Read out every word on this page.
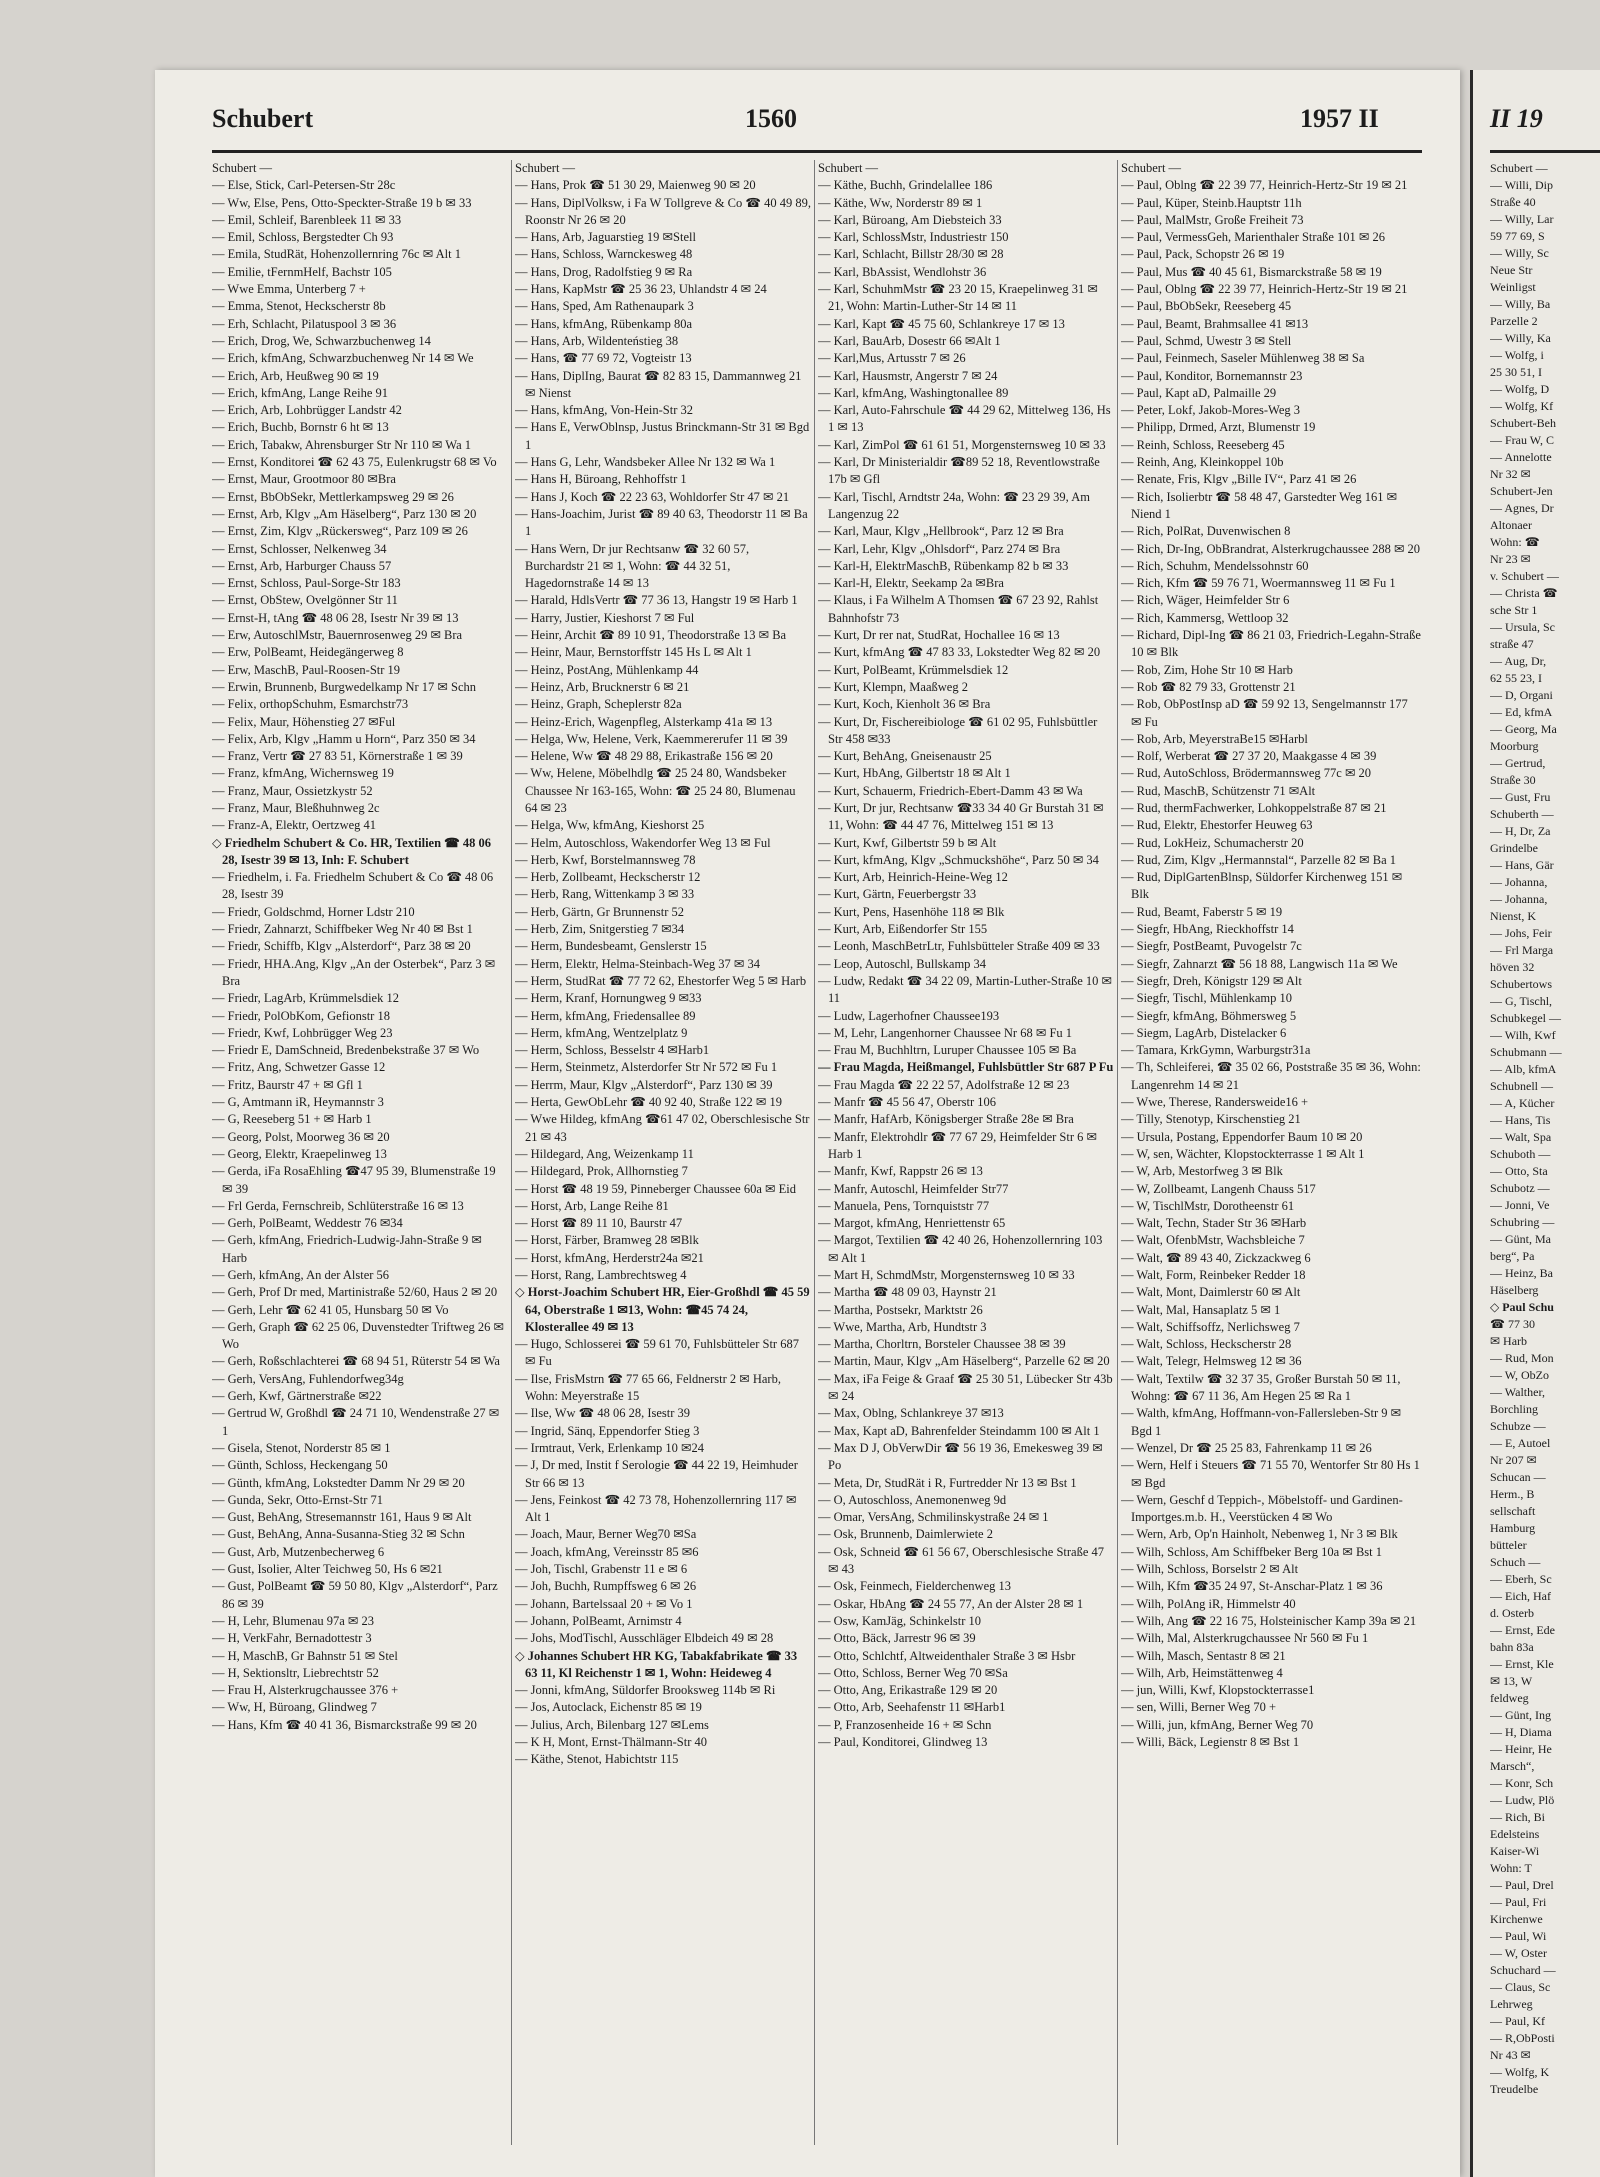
Schubert	1560	1957 II	II 19
Schubert —
— Else, Stick, Carl-Petersen-Str 28c
— Ww, Else, Pens, Otto-Speckter-Straße 19 b ✉ 33
— Emil, Schleif, Barenbleek 11 ✉ 33
— Emil, Schloss, Bergstedter Ch 93
— Emila, StudRät, Hohenzollernring 76c ✉ Alt 1
— Emilie, tFernmHelf, Bachstr 105
— Wwe Emma, Unterberg 7 +
— Emma, Stenot, Heckscherstr 8b
— Erh, Schlacht, Pilatuspool 3 ✉ 36
— Erich, Drog, We, Schwarzbuchenweg 14
— Erich, kfmAng, Schwarzbuchenweg Nr 14 ✉ We
— Erich, Arb, Heußweg 90 ✉ 19
— Erich, kfmAng, Lange Reihe 91
— Erich, Arb, Lohbrügger Landstr 42
— Erich, Buchb, Bornstr 6 ht ✉ 13
— Erich, Tabakw, Ahrensburger Str Nr 110 ✉ Wa 1
— Ernst, Konditorei ☎ 62 43 75, Eulenkrugstr 68 ✉ Vo
— Ernst, Maur, Grootmoor 80 ✉Bra
— Ernst, BbObSekr, Mettlerkampsweg 29 ✉ 26
— Ernst, Arb, Klgv „Am Häselberg“, Parz 130 ✉ 20
— Ernst, Zim, Klgv „Rückersweg“, Parz 109 ✉ 26
— Ernst, Schlosser, Nelkenweg 34
— Ernst, Arb, Harburger Chauss 57
— Ernst, Schloss, Paul-Sorge-Str 183
— Ernst, ObStew, Ovelgönner Str 11
— Ernst-H, tAng ☎ 48 06 28, Isestr Nr 39 ✉ 13
— Erw, AutoschlMstr, Bauernrosenweg 29 ✉ Bra
— Erw, PolBeamt, Heidegängerweg 8
— Erw, MaschB, Paul-Roosen-Str 19
— Erwin, Brunnenb, Burgwedelkamp Nr 17 ✉ Schn
— Felix, orthopSchuhm, Esmarchstr73
— Felix, Maur, Höhenstieg 27 ✉Ful
— Felix, Arb, Klgv „Hamm u Horn“, Parz 350 ✉ 34
— Franz, Vertr ☎ 27 83 51, Körnerstraße 1 ✉ 39
— Franz, kfmAng, Wichernsweg 19
— Franz, Maur, Ossietzkystr 52
— Franz, Maur, Bleßhuhnweg 2c
— Franz-A, Elektr, Oertzweg 41
◇ Friedhelm Schubert & Co. HR, Textilien ☎ 48 06 28, Isestr 39 ✉ 13, Inh: F. Schubert
— Friedhelm, i. Fa. Friedhelm Schubert & Co ☎ 48 06 28, Isestr 39
— Friedr, Goldschmd, Horner Ldstr 210
— Friedr, Zahnarzt, Schiffbeker Weg Nr 40 ✉ Bst 1
— Friedr, Schiffb, Klgv „Alsterdorf“, Parz 38 ✉ 20
— Friedr, HHA.Ang, Klgv „An der Osterbek“, Parz 3 ✉ Bra
— Friedr, LagArb, Krümmelsdiek 12
— Friedr, PolObKom, Gefionstr 18
— Friedr, Kwf, Lohbrügger Weg 23
— Friedr E, DamSchneid, Bredenbekstraße 37 ✉ Wo
— Fritz, Ang, Schwetzer Gasse 12
— Fritz, Baurstr 47 + ✉ Gfl 1
— G, Amtmann iR, Heymannstr 3
— G, Reeseberg 51 + ✉ Harb 1
— Georg, Polst, Moorweg 36 ✉ 20
— Georg, Elektr, Kraepelinweg 13
— Gerda, iFa RosaEhling ☎47 95 39, Blumenstraße 19 ✉ 39
— Frl Gerda, Fernschreib, Schlüterstraße 16 ✉ 13
— Gerh, PolBeamt, Weddestr 76 ✉34
— Gerh, kfmAng, Friedrich-Ludwig-Jahn-Straße 9 ✉ Harb
— Gerh, kfmAng, An der Alster 56
— Gerh, Prof Dr med, Martinistraße 52/60, Haus 2 ✉ 20
— Gerh, Lehr ☎ 62 41 05, Hunsbarg 50 ✉ Vo
— Gerh, Graph ☎ 62 25 06, Duvenstedter Triftweg 26 ✉ Wo
— Gerh, Roßschlachterei ☎ 68 94 51, Rüterstr 54 ✉ Wa
— Gerh, VersAng, Fuhlendorfweg34g
— Gerh, Kwf, Gärtnerstraße ✉22
— Gertrud W, Großhdl ☎ 24 71 10, Wendenstraße 27 ✉ 1
— Gisela, Stenot, Norderstr 85 ✉ 1
— Günth, Schloss, Heckengang 50
— Günth, kfmAng, Lokstedter Damm Nr 29 ✉ 20
— Gunda, Sekr, Otto-Ernst-Str 71
— Gust, BehAng, Stresemannstr 161, Haus 9 ✉ Alt
— Gust, BehAng, Anna-Susanna-Stieg 32 ✉ Schn
— Gust, Arb, Mutzenbecherweg 6
— Gust, Isolier, Alter Teichweg 50, Hs 6 ✉21
— Gust, PolBeamt ☎ 59 50 80, Klgv „Alsterdorf“, Parz 86 ✉ 39
— H, Lehr, Blumenau 97a ✉ 23
— H, VerkFahr, Bernadottestr 3
— H, MaschB, Gr Bahnstr 51 ✉ Stel
— H, Sektionsltr, Liebrechtstr 52
— Frau H, Alsterkrugchaussee 376 +
— Ww, H, Büroang, Glindweg 7
— Hans, Kfm ☎ 40 41 36, Bismarckstraße 99 ✉ 20
Schubert —
— Hans, Prok ☎ 51 30 29, Maienweg 90 ✉ 20
— Hans, DiplVolksw, i Fa W Tollgreve & Co ☎ 40 49 89, Roonstr Nr 26 ✉ 20
— Hans, Arb, Jaguarstieg 19 ✉Stell
— Hans, Schloss, Warnckesweg 48
— Hans, Drog, Radolfstieg 9 ✉ Ra
— Hans, KapMstr ☎ 25 36 23, Uhlandstr 4 ✉ 24
— Hans, Sped, Am Rathenaupark 3
— Hans, kfmAng, Rübenkamp 80a
— Hans, Arb, Wildenteństieg 38
— Hans, ☎ 77 69 72, Vogteistr 13
— Hans, DiplIng, Baurat ☎ 82 83 15, Dammannweg 21 ✉ Nienst
— Hans, kfmAng, Von-Hein-Str 32
— Hans E, VerwOblnsp, Justus Brinckmann-Str 31 ✉ Bgd 1
— Hans G, Lehr, Wandsbeker Allee Nr 132 ✉ Wa 1
— Hans H, Büroang, Rehhoffstr 1
— Hans J, Koch ☎ 22 23 63, Wohldorfer Str 47 ✉ 21
— Hans-Joachim, Jurist ☎ 89 40 63, Theodorstr 11 ✉ Ba 1
— Hans Wern, Dr jur Rechtsanw ☎ 32 60 57, Burchardstr 21 ✉ 1, Wohn: ☎ 44 32 51, Hagedornstraße 14 ✉ 13
— Harald, HdlsVertr ☎ 77 36 13, Hangstr 19 ✉ Harb 1
— Harry, Justier, Kieshorst 7 ✉ Ful
— Heinr, Archit ☎ 89 10 91, Theodorstraße 13 ✉ Ba
— Heinr, Maur, Bernstorffstr 145 Hs L ✉ Alt 1
— Heinz, PostAng, Mühlenkamp 44
— Heinz, Arb, Brucknerstr 6 ✉ 21
— Heinz, Graph, Scheplerstr 82a
— Heinz-Erich, Wagenpfleg, Alsterkamp 41a ✉ 13
— Helga, Ww, Helene, Verk, Kaemmererufer 11 ✉ 39
— Helene, Ww ☎ 48 29 88, Erikastraße 156 ✉ 20
— Ww, Helene, Möbelhdlg ☎ 25 24 80, Wandsbeker Chaussee Nr 163-165, Wohn: ☎ 25 24 80, Blumenau 64 ✉ 23
— Helga, Ww, kfmAng, Kieshorst 25
— Helm, Autoschloss, Wakendorfer Weg 13 ✉ Ful
— Herb, Kwf, Borstelmannsweg 78
— Herb, Zollbeamt, Heckscherstr 12
— Herb, Rang, Wittenkamp 3 ✉ 33
— Herb, Gärtn, Gr Brunnenstr 52
— Herb, Zim, Snitgerstieg 7 ✉34
— Herm, Bundesbeamt, Genslerstr 15
— Herm, Elektr, Helma-Steinbach-Weg 37 ✉ 34
— Herm, StudRat ☎ 77 72 62, Ehestorfer Weg 5 ✉ Harb
— Herm, Kranf, Hornungweg 9 ✉33
— Herm, kfmAng, Friedensallee 89
— Herm, kfmAng, Wentzelplatz 9
— Herm, Schloss, Besselstr 4 ✉Harb1
— Herm, Steinmetz, Alsterdorfer Str Nr 572 ✉ Fu 1
— Herrm, Maur, Klgv „Alsterdorf“, Parz 130 ✉ 39
— Herta, GewObLehr ☎ 40 92 40, Straße 122 ✉ 19
— Wwe Hildeg, kfmAng ☎61 47 02, Oberschlesische Str 21 ✉ 43
— Hildegard, Ang, Weizenkamp 11
— Hildegard, Prok, Allhornstieg 7
— Horst ☎ 48 19 59, Pinneberger Chaussee 60a ✉ Eid
— Horst, Arb, Lange Reihe 81
— Horst ☎ 89 11 10, Baurstr 47
— Horst, Färber, Bramweg 28 ✉Blk
— Horst, kfmAng, Herderstr24a ✉21
— Horst, Rang, Lambrechtsweg 4
◇ Horst-Joachim Schubert HR, Eier-Großhdl ☎ 45 59 64, Oberstraße 1 ✉13, Wohn: ☎45 74 24, Klosterallee 49 ✉ 13
— Hugo, Schlosserei ☎ 59 61 70, Fuhlsbütteler Str 687 ✉ Fu
— Ilse, FrisMstrn ☎ 77 65 66, Feldnerstr 2 ✉ Harb, Wohn: Meyerstraße 15
— Ilse, Ww ☎ 48 06 28, Isestr 39
— Ingrid, Sänq, Eppendorfer Stieg 3
— Irmtraut, Verk, Erlenkamp 10 ✉24
— J, Dr med, Instit f Serologie ☎ 44 22 19, Heimhuder Str 66 ✉ 13
— Jens, Feinkost ☎ 42 73 78, Hohenzollernring 117 ✉ Alt 1
— Joach, Maur, Berner Weg70 ✉Sa
— Joach, kfmAng, Vereinsstr 85 ✉6
— Joh, Tischl, Grabenstr 11 e ✉ 6
— Joh, Buchh, Rumpffsweg 6 ✉ 26
— Johann, Bartelssaal 20 + ✉ Vo 1
— Johann, PolBeamt, Arnimstr 4
— Johs, ModTischl, Ausschläger Elbdeich 49 ✉ 28
◇ Johannes Schubert HR KG, Tabakfabrikate ☎ 33 63 11, Kl Reichenstr 1 ✉ 1, Wohn: Heideweg 4
— Jonni, kfmAng, Süldorfer Brooksweg 114b ✉ Ri
— Jos, Autoclack, Eichenstr 85 ✉ 19
— Julius, Arch, Bilenbarg 127 ✉Lems
— K H, Mont, Ernst-Thälmann-Str 40
— Käthe, Stenot, Habichtstr 115
Schubert —
— Käthe, Buchh, Grindelallee 186
— Käthe, Ww, Norderstr 89 ✉ 1
— Karl, Büroang, Am Diebsteich 33
— Karl, SchlossMstr, Industriestr 150
— Karl, Schlacht, Billstr 28/30 ✉ 28
— Karl, BbAssist, Wendlohstr 36
— Karl, SchuhmMstr ☎ 23 20 15, Kraepelinweg 31 ✉ 21, Wohn: Martin-Luther-Str 14 ✉ 11
— Karl, Kapt ☎ 45 75 60, Schlankreye 17 ✉ 13
— Karl, BauArb, Dosestr 66 ✉Alt 1
— Karl,Mus, Artusstr 7 ✉ 26
— Karl, Hausmstr, Angerstr 7 ✉ 24
— Karl, kfmAng, Washingtonallee 89
— Karl, Auto-Fahrschule ☎ 44 29 62, Mittelweg 136, Hs 1 ✉ 13
— Karl, ZimPol ☎ 61 61 51, Morgensternsweg 10 ✉ 33
— Karl, Dr Ministerialdir ☎89 52 18, Reventlowstraße 17b ✉ Gfl
— Karl, Tischl, Arndtstr 24a, Wohn: ☎ 23 29 39, Am Langenzug 22
— Karl, Maur, Klgv „Hellbrook“, Parz 12 ✉ Bra
— Karl, Lehr, Klgv „Ohlsdorf“, Parz 274 ✉ Bra
— Karl-H, ElektrMaschB, Rübenkamp 82 b ✉ 33
— Karl-H, Elektr, Seekamp 2a ✉Bra
— Klaus, i Fa Wilhelm A Thomsen ☎ 67 23 92, Rahlst Bahnhofstr 73
— Kurt, Dr rer nat, StudRat, Hochallee 16 ✉ 13
— Kurt, kfmAng ☎ 47 83 33, Lokstedter Weg 82 ✉ 20
— Kurt, PolBeamt, Krümmelsdiek 12
— Kurt, Klempn, Maaßweg 2
— Kurt, Koch, Kienholt 36 ✉ Bra
— Kurt, Dr, Fischereibiologe ☎ 61 02 95, Fuhlsbüttler Str 458 ✉33
— Kurt, BehAng, Gneisenaustr 25
— Kurt, HbAng, Gilbertstr 18 ✉ Alt 1
— Kurt, Schauerm, Friedrich-Ebert-Damm 43 ✉ Wa
— Kurt, Dr jur, Rechtsanw ☎33 34 40 Gr Burstah 31 ✉ 11, Wohn: ☎ 44 47 76, Mittelweg 151 ✉ 13
— Kurt, Kwf, Gilbertstr 59 b ✉ Alt
— Kurt, kfmAng, Klgv „Schmuckshöhe“, Parz 50 ✉ 34
— Kurt, Arb, Heinrich-Heine-Weg 12
— Kurt, Gärtn, Feuerbergstr 33
— Kurt, Pens, Hasenhöhe 118 ✉ Blk
— Kurt, Arb, Eißendorfer Str 155
— Leonh, MaschBetrLtr, Fuhlsbütteler Straße 409 ✉ 33
— Leop, Autoschl, Bullskamp 34
— Ludw, Redakt ☎ 34 22 09, Martin-Luther-Straße 10 ✉ 11
— Ludw, Lagerhofner Chaussee193
— M, Lehr, Langenhorner Chaussee Nr 68 ✉ Fu 1
— Frau M, Buchhltrn, Luruper Chaussee 105 ✉ Ba
— Frau Magda, Heißmangel, Fuhlsbüttler Str 687 P Fu
— Frau Magda ☎ 22 22 57, Adolfstraße 12 ✉ 23
— Manfr ☎ 45 56 47, Oberstr 106
— Manfr, HafArb, Königsberger Straße 28e ✉ Bra
— Manfr, Elektrohdlr ☎ 77 67 29, Heimfelder Str 6 ✉ Harb 1
— Manfr, Kwf, Rappstr 26 ✉ 13
— Manfr, Autoschl, Heimfelder Str77
— Manuela, Pens, Tornquiststr 77
— Margot, kfmAng, Henriettenstr 65
— Margot, Textilien ☎ 42 40 26, Hohenzollernring 103 ✉ Alt 1
— Mart H, SchmdMstr, Morgensternsweg 10 ✉ 33
— Martha ☎ 48 09 03, Haynstr 21
— Martha, Postsekr, Marktstr 26
— Wwe, Martha, Arb, Hundtstr 3
— Martha, Chorltrn, Borsteler Chaussee 38 ✉ 39
— Martin, Maur, Klgv „Am Häselberg“, Parzelle 62 ✉ 20
— Max, iFa Feige & Graaf ☎ 25 30 51, Lübecker Str 43b ✉ 24
— Max, Oblng, Schlankreye 37 ✉13
— Max, Kapt aD, Bahrenfelder Steindamm 100 ✉ Alt 1
— Max D J, ObVerwDir ☎ 56 19 36, Emekesweg 39 ✉ Po
— Meta, Dr, StudRät i R, Furtredder Nr 13 ✉ Bst 1
— O, Autoschloss, Anemonenweg 9d
— Omar, VersAng, Schmilinskystraße 24 ✉ 1
— Osk, Brunnenb, Daimlerwiete 2
— Osk, Schneid ☎ 61 56 67, Oberschlesische Straße 47 ✉ 43
— Osk, Feinmech, Fielderchenweg 13
— Oskar, HbAng ☎ 24 55 77, An der Alster 28 ✉ 1
— Osw, KamJäg, Schinkelstr 10
— Otto, Bäck, Jarrestr 96 ✉ 39
— Otto, Schlchtf, Altweidenthaler Straße 3 ✉ Hsbr
— Otto, Schloss, Berner Weg 70 ✉Sa
— Otto, Ang, Erikastraße 129 ✉ 20
— Otto, Arb, Seehafenstr 11 ✉Harb1
— P, Franzosenheide 16 + ✉ Schn
— Paul, Konditorei, Glindweg 13
Schubert —
— Paul, Oblng ☎ 22 39 77, Heinrich-Hertz-Str 19 ✉ 21
— Paul, Küper, Steinb.Hauptstr 11h
— Paul, MalMstr, Große Freiheit 73
— Paul, VermessGeh, Marienthaler Straße 101 ✉ 26
— Paul, Pack, Schopstr 26 ✉ 19
— Paul, Mus ☎ 40 45 61, Bismarckstraße 58 ✉ 19
— Paul, Oblng ☎ 22 39 77, Heinrich-Hertz-Str 19 ✉ 21
— Paul, BbObSekr, Reeseberg 45
— Paul, Beamt, Brahmsallee 41 ✉13
— Paul, Schmd, Uwestr 3 ✉ Stell
— Paul, Feinmech, Saseler Mühlenweg 38 ✉ Sa
— Paul, Konditor, Bornemannstr 23
— Paul, Kapt aD, Palmaille 29
— Peter, Lokf, Jakob-Mores-Weg 3
— Philipp, Drmed, Arzt, Blumenstr 19
— Reinh, Schloss, Reeseberg 45
— Reinh, Ang, Kleinkoppel 10b
— Renate, Fris, Klgv „Bille IV“, Parz 41 ✉ 26
— Rich, Isolierbtr ☎ 58 48 47, Garstedter Weg 161 ✉ Niend 1
— Rich, PolRat, Duvenwischen 8
— Rich, Dr-Ing, ObBrandrat, Alsterkrugchaussee 288 ✉ 20
— Rich, Schuhm, Mendelssohnstr 60
— Rich, Kfm ☎ 59 76 71, Woermannsweg 11 ✉ Fu 1
— Rich, Wäger, Heimfelder Str 6
— Rich, Kammersg, Wettloop 32
— Richard, Dipl-Ing ☎ 86 21 03, Friedrich-Legahn-Straße 10 ✉ Blk
— Rob, Zim, Hohe Str 10 ✉ Harb
— Rob ☎ 82 79 33, Grottenstr 21
— Rob, ObPostInsp aD ☎ 59 92 13, Sengelmannstr 177 ✉ Fu
— Rob, Arb, MeyerstraBe15 ✉Harbl
— Rolf, Werberat ☎ 27 37 20, Maakgasse 4 ✉ 39
— Rud, AutoSchloss, Brödermannsweg 77c ✉ 20
— Rud, MaschB, Schützenstr 71 ✉Alt
— Rud, thermFachwerker, Lohkoppelstraße 87 ✉ 21
— Rud, Elektr, Ehestorfer Heuweg 63
— Rud, LokHeiz, Schumacherstr 20
— Rud, Zim, Klgv „Hermannstal“, Parzelle 82 ✉ Ba 1
— Rud, DiplGartenBlnsp, Süldorfer Kirchenweg 151 ✉ Blk
— Rud, Beamt, Faberstr 5 ✉ 19
— Siegfr, HbAng, Rieckhoffstr 14
— Siegfr, PostBeamt, Puvogelstr 7c
— Siegfr, Zahnarzt ☎ 56 18 88, Langwisch 11a ✉ We
— Siegfr, Dreh, Königstr 129 ✉ Alt
— Siegfr, Tischl, Mühlenkamp 10
— Siegfr, kfmAng, Böhmersweg 5
— Siegm, LagArb, Distelacker 6
— Tamara, KrkGymn, Warburgstr31a
— Th, Schleiferei, ☎ 35 02 66, Poststraße 35 ✉ 36, Wohn: Langenrehm 14 ✉ 21
— Wwe, Therese, Randersweide16 +
— Tilly, Stenotyp, Kirschenstieg 21
— Ursula, Postang, Eppendorfer Baum 10 ✉ 20
— W, sen, Wächter, Klopstockterrasse 1 ✉ Alt 1
— W, Arb, Mestorfweg 3 ✉ Blk
— W, Zollbeamt, Langenh Chauss 517
— W, TischlMstr, Dorotheenstr 61
— Walt, Techn, Stader Str 36 ✉Harb
— Walt, OfenbMstr, Wachsbleiche 7
— Walt, ☎ 89 43 40, Zickzackweg 6
— Walt, Form, Reinbeker Redder 18
— Walt, Mont, Daimlerstr 60 ✉ Alt
— Walt, Mal, Hansaplatz 5 ✉ 1
— Walt, Schiffsoffz, Nerlichsweg 7
— Walt, Schloss, Heckscherstr 28
— Walt, Telegr, Helmsweg 12 ✉ 36
— Walt, Textilw ☎ 32 37 35, Großer Burstah 50 ✉ 11, Wohng: ☎ 67 11 36, Am Hegen 25 ✉ Ra 1
— Walth, kfmAng, Hoffmann-von-Fallersleben-Str 9 ✉ Bgd 1
— Wenzel, Dr ☎ 25 25 83, Fahrenkamp 11 ✉ 26
— Wern, Helf i Steuers ☎ 71 55 70, Wentorfer Str 80 Hs 1 ✉ Bgd
— Wern, Geschf d Teppich-, Möbelstoff- und Gardinen-Importges.m.b. H., Veerstücken 4 ✉ Wo
— Wern, Arb, Op'n Hainholt, Nebenweg 1, Nr 3 ✉ Blk
— Wilh, Schloss, Am Schiffbeker Berg 10a ✉ Bst 1
— Wilh, Schloss, Borselstr 2 ✉ Alt
— Wilh, Kfm ☎35 24 97, St-Anschar-Platz 1 ✉ 36
— Wilh, PolAng iR, Himmelstr 40
— Wilh, Ang ☎ 22 16 75, Holsteinischer Kamp 39a ✉ 21
— Wilh, Mal, Alsterkrugchaussee Nr 560 ✉ Fu 1
— Wilh, Masch, Sentastr 8 ✉ 21
— Wilh, Arb, Heimstättenweg 4
— jun, Willi, Kwf, Klopstockterrasse1
— sen, Willi, Berner Weg 70 +
— Willi, jun, kfmAng, Berner Weg 70
— Willi, Bäck, Legienstr 8 ✉ Bst 1
Schubert —
— Willi, Dip
Straße 40
— Willy, Lar
59 77 69, S
— Willy, Sc
Neue Str
Weinligst
— Willy, Ba
Parzelle 2
— Willy, Ka
— Wolfg, i
25 30 51, I
— Wolfg, D
— Wolfg, Kf
Schubert-Beh
— Frau W, C
— Annelotte
Nr 32 ✉
Schubert-Jen
— Agnes, Dr
Altonaer
Wohn: ☎
Nr 23 ✉
v. Schubert —
— Christa ☎
sche Str 1
— Ursula, Sc
straße 47
— Aug, Dr,
62 55 23, I
— D, Organi
— Ed, kfmA
— Georg, Ma
Moorburg
— Gertrud,
Straße 30
— Gust, Fru
Schuberth —
— H, Dr, Za
Grindelbe
— Hans, Gär
— Johanna,
— Johanna,
Nienst, K
— Johs, Feir
— Frl Marga
höven 32
Schubertows
— G, Tischl,
Schubkegel —
— Wilh, Kwf
Schubmann —
— Alb, kfmA
Schubnell —
— A, Kücher
— Hans, Tis
— Walt, Spa
Schuboth —
— Otto, Sta
Schubotz —
— Jonni, Ve
Schubring —
— Günt, Ma
berg“, Pa
— Heinz, Ba
Häselberg
◇ Paul Schu
☎ 77 30
✉ Harb
— Rud, Mon
— W, ObZo
— Walther,
Borchling
Schubze —
— E, Autoel
Nr 207 ✉
Schucan —
Herm., B
sellschaft
Hamburg
bütteler
Schuch —
— Eberh, Sc
— Eich, Haf
d. Osterb
— Ernst, Ede
bahn 83a
— Ernst, Kle
✉ 13, W
feldweg
— Günt, Ing
— H, Diama
— Heinr, He
Marsch“,
— Konr, Sch
— Ludw, Plö
— Rich, Bi
Edelsteins
Kaiser-Wi
Wohn: T
— Paul, Drel
— Paul, Fri
Kirchenwe
— Paul, Wi
— W, Oster
Schuchard —
— Claus, Sc
Lehrweg
— Paul, Kf
— R,ObPosti
Nr 43 ✉
— Wolfg, K
Treudelbe
